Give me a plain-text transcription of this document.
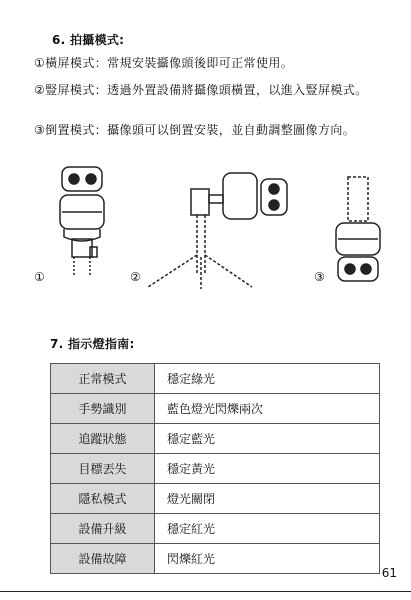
6. 拍攝模式:
①橫屏模式：常規安裝攝像頭後即可正常使用。
②豎屏模式：透過外置設備將攝像頭橫置，以進入豎屏模式。
③倒置模式：攝像頭可以倒置安裝，並自動調整圖像方向。
①	②	③
7. 指示燈指南:
正常模式	穩定綠光
手勢識別	藍色燈光閃爍兩次
追蹤狀態	穩定藍光
目標丟失	穩定黃光
隱私模式	燈光關閉
設備升級	穩定紅光
設備故障	閃爍紅光
61
